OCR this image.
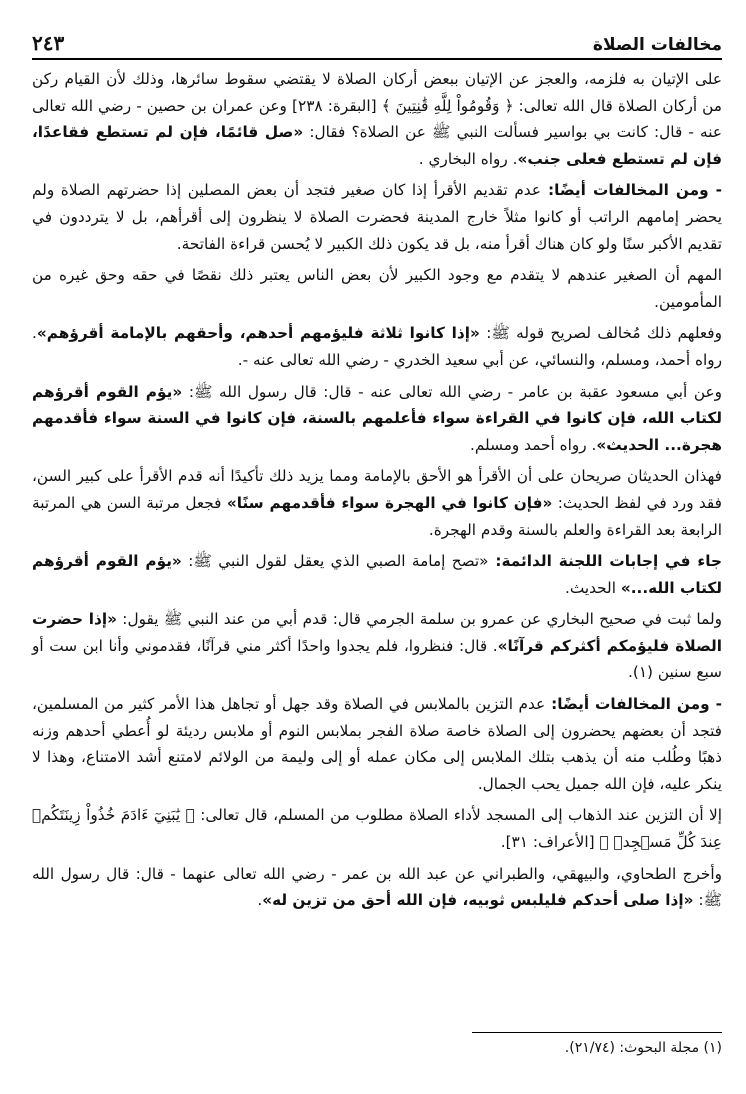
٢٤٣	مخالفات الصلاة

على الإتيان به فلزمه، والعجز عن الإتيان ببعض أركان الصلاة لا يقتضي سقوط سائرها، وذلك لأن القيام ركن من أركان الصلاة قال الله تعالى: ﴿ وَقُومُواْ لِلَّهِ قَٰنِتِينَ ﴾ [البقرة: ٢٣٨] وعن عمران بن حصين - رضي الله تعالى عنه - قال: كانت بي بواسير فسألت النبي ﷺ عن الصلاة؟ فقال: «صل قائمًا، فإن لم تستطع فقاعدًا، فإن لم تستطع فعلى جنب». رواه البخاري .

- ومن المخالفات أيضًا: عدم تقديم الأقرأ إذا كان صغير فتجد أن بعض المصلين إذا حضرتهم الصلاة ولم يحضر إمامهم الراتب أو كانوا مثلاً خارج المدينة فحضرت الصلاة لا ينظرون إلى أقرأهم، بل لا يترددون في تقديم الأكبر سنًا ولو كان هناك أقرأ منه، بل قد يكون ذلك الكبير لا يُحسن قراءة الفاتحة.

المهم أن الصغير عندهم لا يتقدم مع وجود الكبير لأن بعض الناس يعتبر ذلك نقصًا في حقه وحق غيره من المأمومين.

وفعلهم ذلك مُخالف لصريح قوله ﷺ: «إذا كانوا ثلاثة فليؤمهم أحدهم، وأحقهم بالإمامة أقرؤهم». رواه أحمد، ومسلم، والنسائي، عن أبي سعيد الخدري - رضي الله تعالى عنه -.

وعن أبي مسعود عقبة بن عامر - رضي الله تعالى عنه - قال: قال رسول الله ﷺ: «يؤم القوم أقرؤهم لكتاب الله، فإن كانوا في القراءة سواء فأعلمهم بالسنة، فإن كانوا في السنة سواء فأقدمهم هجرة... الحديث». رواه أحمد ومسلم.

فهذان الحديثان صريحان على أن الأقرأ هو الأحق بالإمامة ومما يزيد ذلك تأكيدًا أنه قدم الأقرأ على كبير السن، فقد ورد في لفظ الحديث: «فإن كانوا في الهجرة سواء فأقدمهم سنًا» فجعل مرتبة السن هي المرتبة الرابعة بعد القراءة والعلم بالسنة وقدم الهجرة.

جاء في إجابات اللجنة الدائمة: «تصح إمامة الصبي الذي يعقل لقول النبي ﷺ: «يؤم القوم أقرؤهم لكتاب الله...» الحديث.

ولما ثبت في صحيح البخاري عن عمرو بن سلمة الجرمي قال: قدم أبي من عند النبي ﷺ يقول: «إذا حضرت الصلاة فليؤمكم أكثركم قرآنًا». قال: فنظروا، فلم يجدوا واحدًا أكثر مني قرآنًا، فقدموني وأنا ابن ست أو سبع سنين (١).

- ومن المخالفات أيضًا: عدم التزين بالملابس في الصلاة وقد جهل أو تجاهل هذا الأمر كثير من المسلمين، فتجد أن بعضهم يحضرون إلى الصلاة خاصة صلاة الفجر بملابس النوم أو ملابس رديئة لو أُعطي أحدهم وزنه ذهبًا وطُلب منه أن يذهب بتلك الملابس إلى مكان عمله أو إلى وليمة من الولائم لامتنع أشد الامتناع، وهذا لا ينكر عليه، فإن الله جميل يحب الجمال.

إلا أن التزين عند الذهاب إلى المسجد لأداء الصلاة مطلوب من المسلم، قال تعالى: ﴿ يَٰبَنِيٓ ءَادَمَ خُذُواْ زِينَتَكُمۡ عِندَ كُلِّ مَسۡجِدٖ ﴾ [الأعراف: ٣١].

وأخرج الطحاوي، والبيهقي، والطبراني عن عبد الله بن عمر - رضي الله تعالى عنهما - قال: قال رسول الله ﷺ: «إذا صلى أحدكم فليلبس ثوبيه، فإن الله أحق من تزين له».

(١) مجلة البحوث: (٢١/٧٤).
